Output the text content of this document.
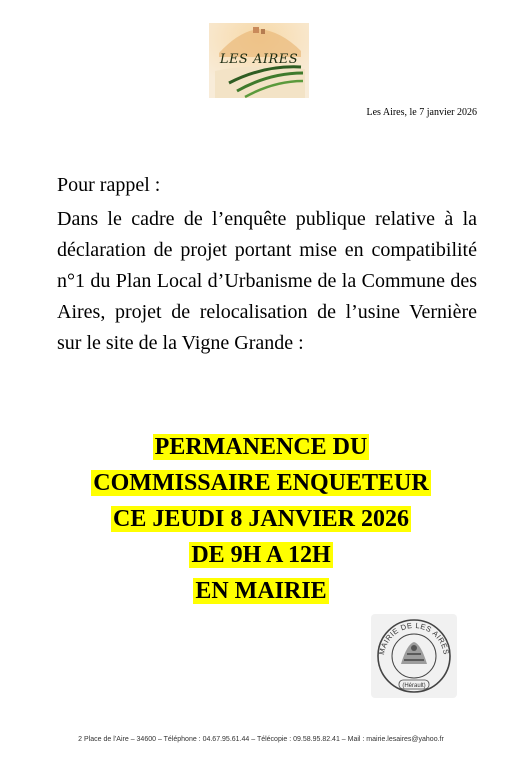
LES AIRES
Les Aires, le 7 janvier 2026

Pour rappel :

Dans le cadre de l’enquête publique relative à la déclaration de projet portant mise en compatibilité n°1 du Plan Local d’Urbanisme de la Commune des Aires, projet de relocalisation de l’usine Vernière sur le site de la Vigne Grande :

PERMANENCE DU
COMMISSAIRE ENQUETEUR
CE JEUDI 8 JANVIER 2026
DE 9H A 12H
EN MAIRIE
MAIRIE DE LES AIRES
(Hérault)
2 Place de l’Aire – 34600 – Téléphone : 04.67.95.61.44 – Télécopie : 09.58.95.82.41 – Mail : mairie.lesaires@yahoo.fr
